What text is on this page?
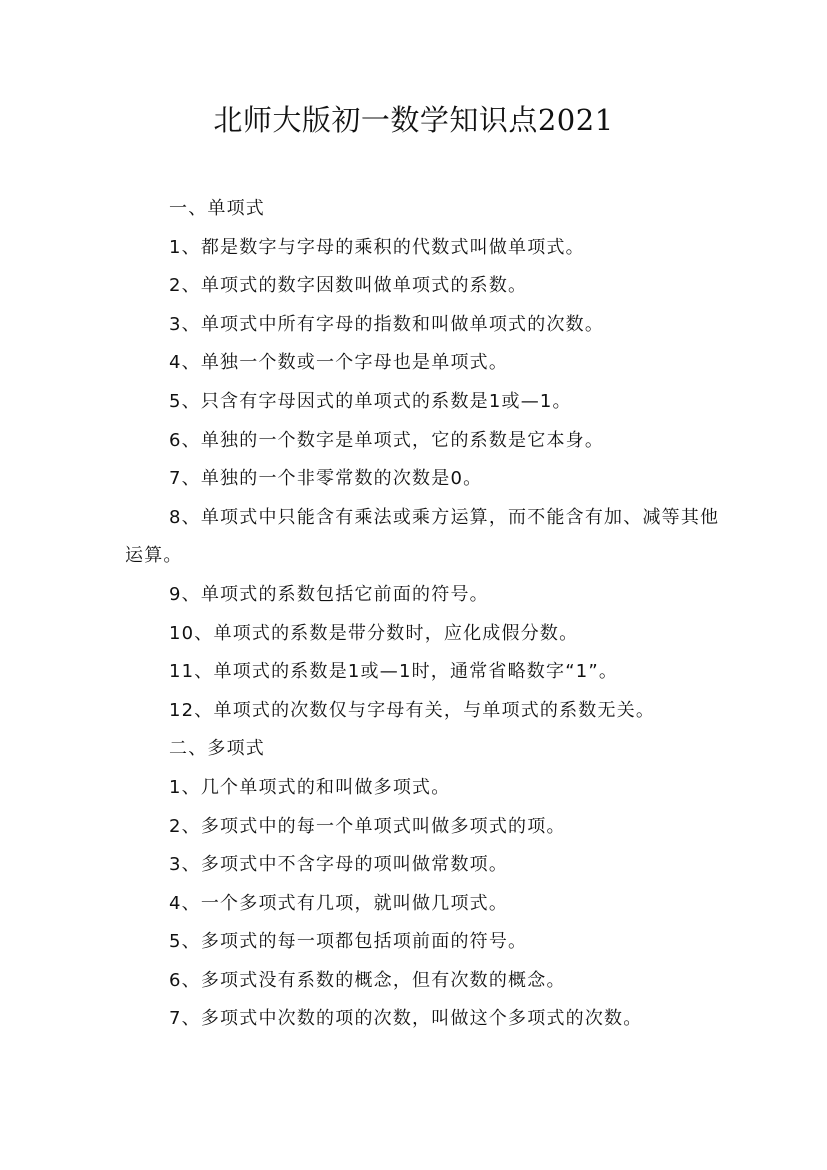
北师大版初一数学知识点2021

一、单项式

1、都是数字与字母的乘积的代数式叫做单项式。

2、单项式的数字因数叫做单项式的系数。

3、单项式中所有字母的指数和叫做单项式的次数。

4、单独一个数或一个字母也是单项式。

5、只含有字母因式的单项式的系数是1或—1。

6、单独的一个数字是单项式，它的系数是它本身。

7、单独的一个非零常数的次数是0。

8、单项式中只能含有乘法或乘方运算，而不能含有加、减等其他运算。

9、单项式的系数包括它前面的符号。

10、单项式的系数是带分数时，应化成假分数。

11、单项式的系数是1或—1时，通常省略数字“1”。

12、单项式的次数仅与字母有关，与单项式的系数无关。

二、多项式

1、几个单项式的和叫做多项式。

2、多项式中的每一个单项式叫做多项式的项。

3、多项式中不含字母的项叫做常数项。

4、一个多项式有几项，就叫做几项式。

5、多项式的每一项都包括项前面的符号。

6、多项式没有系数的概念，但有次数的概念。

7、多项式中次数的项的次数，叫做这个多项式的次数。
